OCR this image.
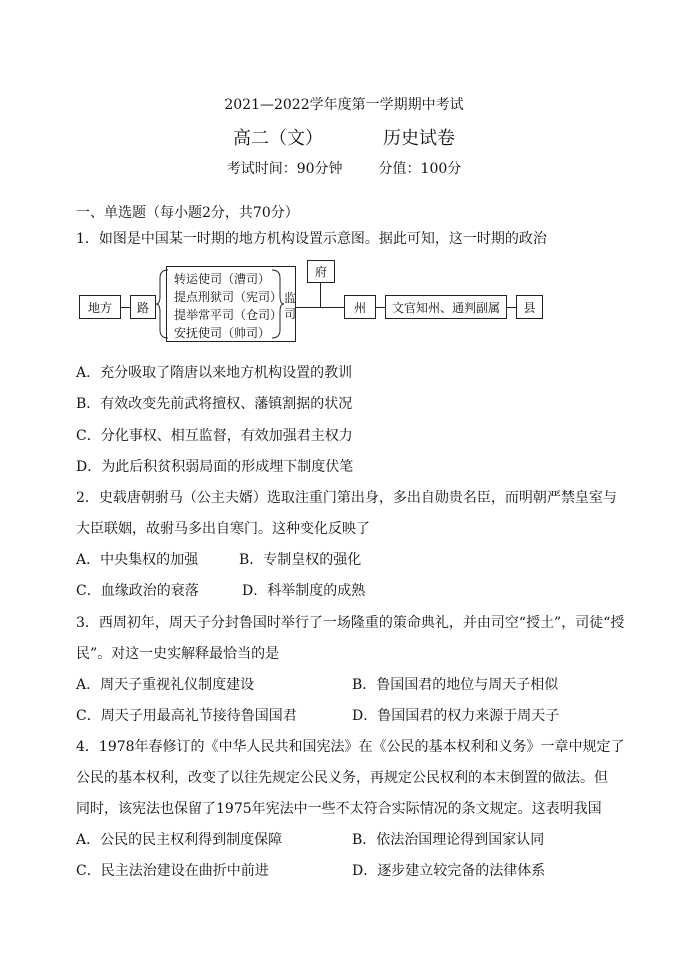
2021—2022学年度第一学期期中考试
高二（文）	历史试卷
考试时间：90分钟	分值：100分
一、单选题（每小题2分，共70分）
1．如图是中国某一时期的地方机构设置示意图。据此可知，这一时期的政治
地方	路
转运使司（漕司）
提点刑狱司（宪司）
提举常平司（仓司）
安抚使司（帅司）
监司
府
州	文官知州、通判副属	县
A．充分吸取了隋唐以来地方机构设置的教训
B．有效改变先前武将擅权、藩镇割据的状况
C．分化事权、相互监督，有效加强君主权力
D．为此后积贫积弱局面的形成埋下制度伏笔
2．史载唐朝驸马（公主夫婿）选取注重门第出身，多出自勋贵名臣，而明朝严禁皇室与
大臣联姻，故驸马多出自寒门。这种变化反映了
A．中央集权的加强	B．专制皇权的强化
C．血缘政治的衰落	D．科举制度的成熟
3．西周初年，周天子分封鲁国时举行了一场隆重的策命典礼，并由司空“授土”，司徒“授
民”。对这一史实解释最恰当的是
A．周天子重视礼仪制度建设	B．鲁国国君的地位与周天子相似
C．周天子用最高礼节接待鲁国国君	D．鲁国国君的权力来源于周天子
4．1978年春修订的《中华人民共和国宪法》在《公民的基本权利和义务》一章中规定了
公民的基本权利，改变了以往先规定公民义务，再规定公民权利的本末倒置的做法。但
同时，该宪法也保留了1975年宪法中一些不太符合实际情况的条文规定。这表明我国
A．公民的民主权利得到制度保障	B．依法治国理论得到国家认同
C．民主法治建设在曲折中前进	D．逐步建立较完备的法律体系
